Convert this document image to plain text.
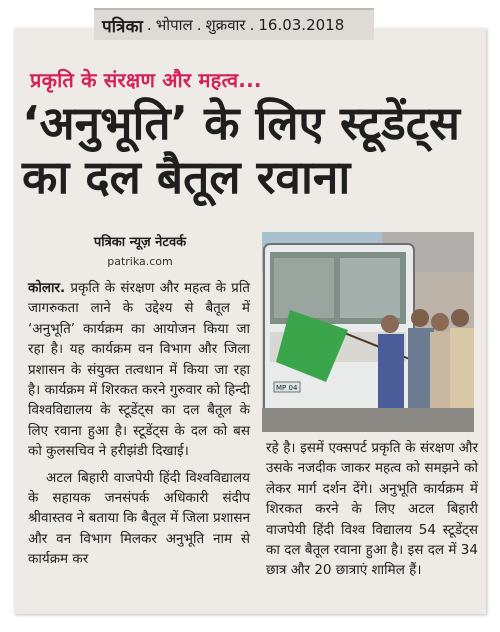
पत्रिका . भोपाल . शुक्रवार . 16.03.2018
प्रकृति के संरक्षण और महत्व...
‘अनुभूति’ के लिए स्टूडेंट्स
का दल बैतूल रवाना
पत्रिका न्यूज़ नेटवर्क
patrika.com

कोलार. प्रकृति के संरक्षण और महत्व के प्रति जागरुकता लाने के उद्देश्य से बैतूल में ‘अनुभूति’ कार्यक्रम का आयोजन किया जा रहा है। यह कार्यक्रम वन विभाग और जिला प्रशासन के संयुक्त तत्वधान में किया जा रहा है। कार्यक्रम में शिरकत करने गुरुवार को हिन्दी विश्वविद्यालय के स्टूडेंट्स का दल बैतूल के लिए रवाना हुआ है। स्टूडेंट्स के दल को बस को कुलसचिव ने हरीझंडी दिखाई।

अटल बिहारी वाजपेयी हिंदी विश्वविद्यालय के सहायक जनसंपर्क अधिकारी संदीप श्रीवास्तव ने बताया कि बैतूल में जिला प्रशासन और वन विभाग मिलकर अनुभूति नाम से कार्यक्रम कर

MP 04
रहे है। इसमें एक्सपर्ट प्रकृति के संरक्षण और उसके नजदीक जाकर महत्व को समझने को लेकर मार्ग दर्शन देंगे। अनुभूति कार्यक्रम में शिरकत करने के लिए अटल बिहारी वाजपेयी हिंदी विश्व विद्यालय 54 स्टूडेंट्स का दल बैतूल रवाना हुआ है। इस दल में 34 छात्र और 20 छात्राएं शामिल हैं।
